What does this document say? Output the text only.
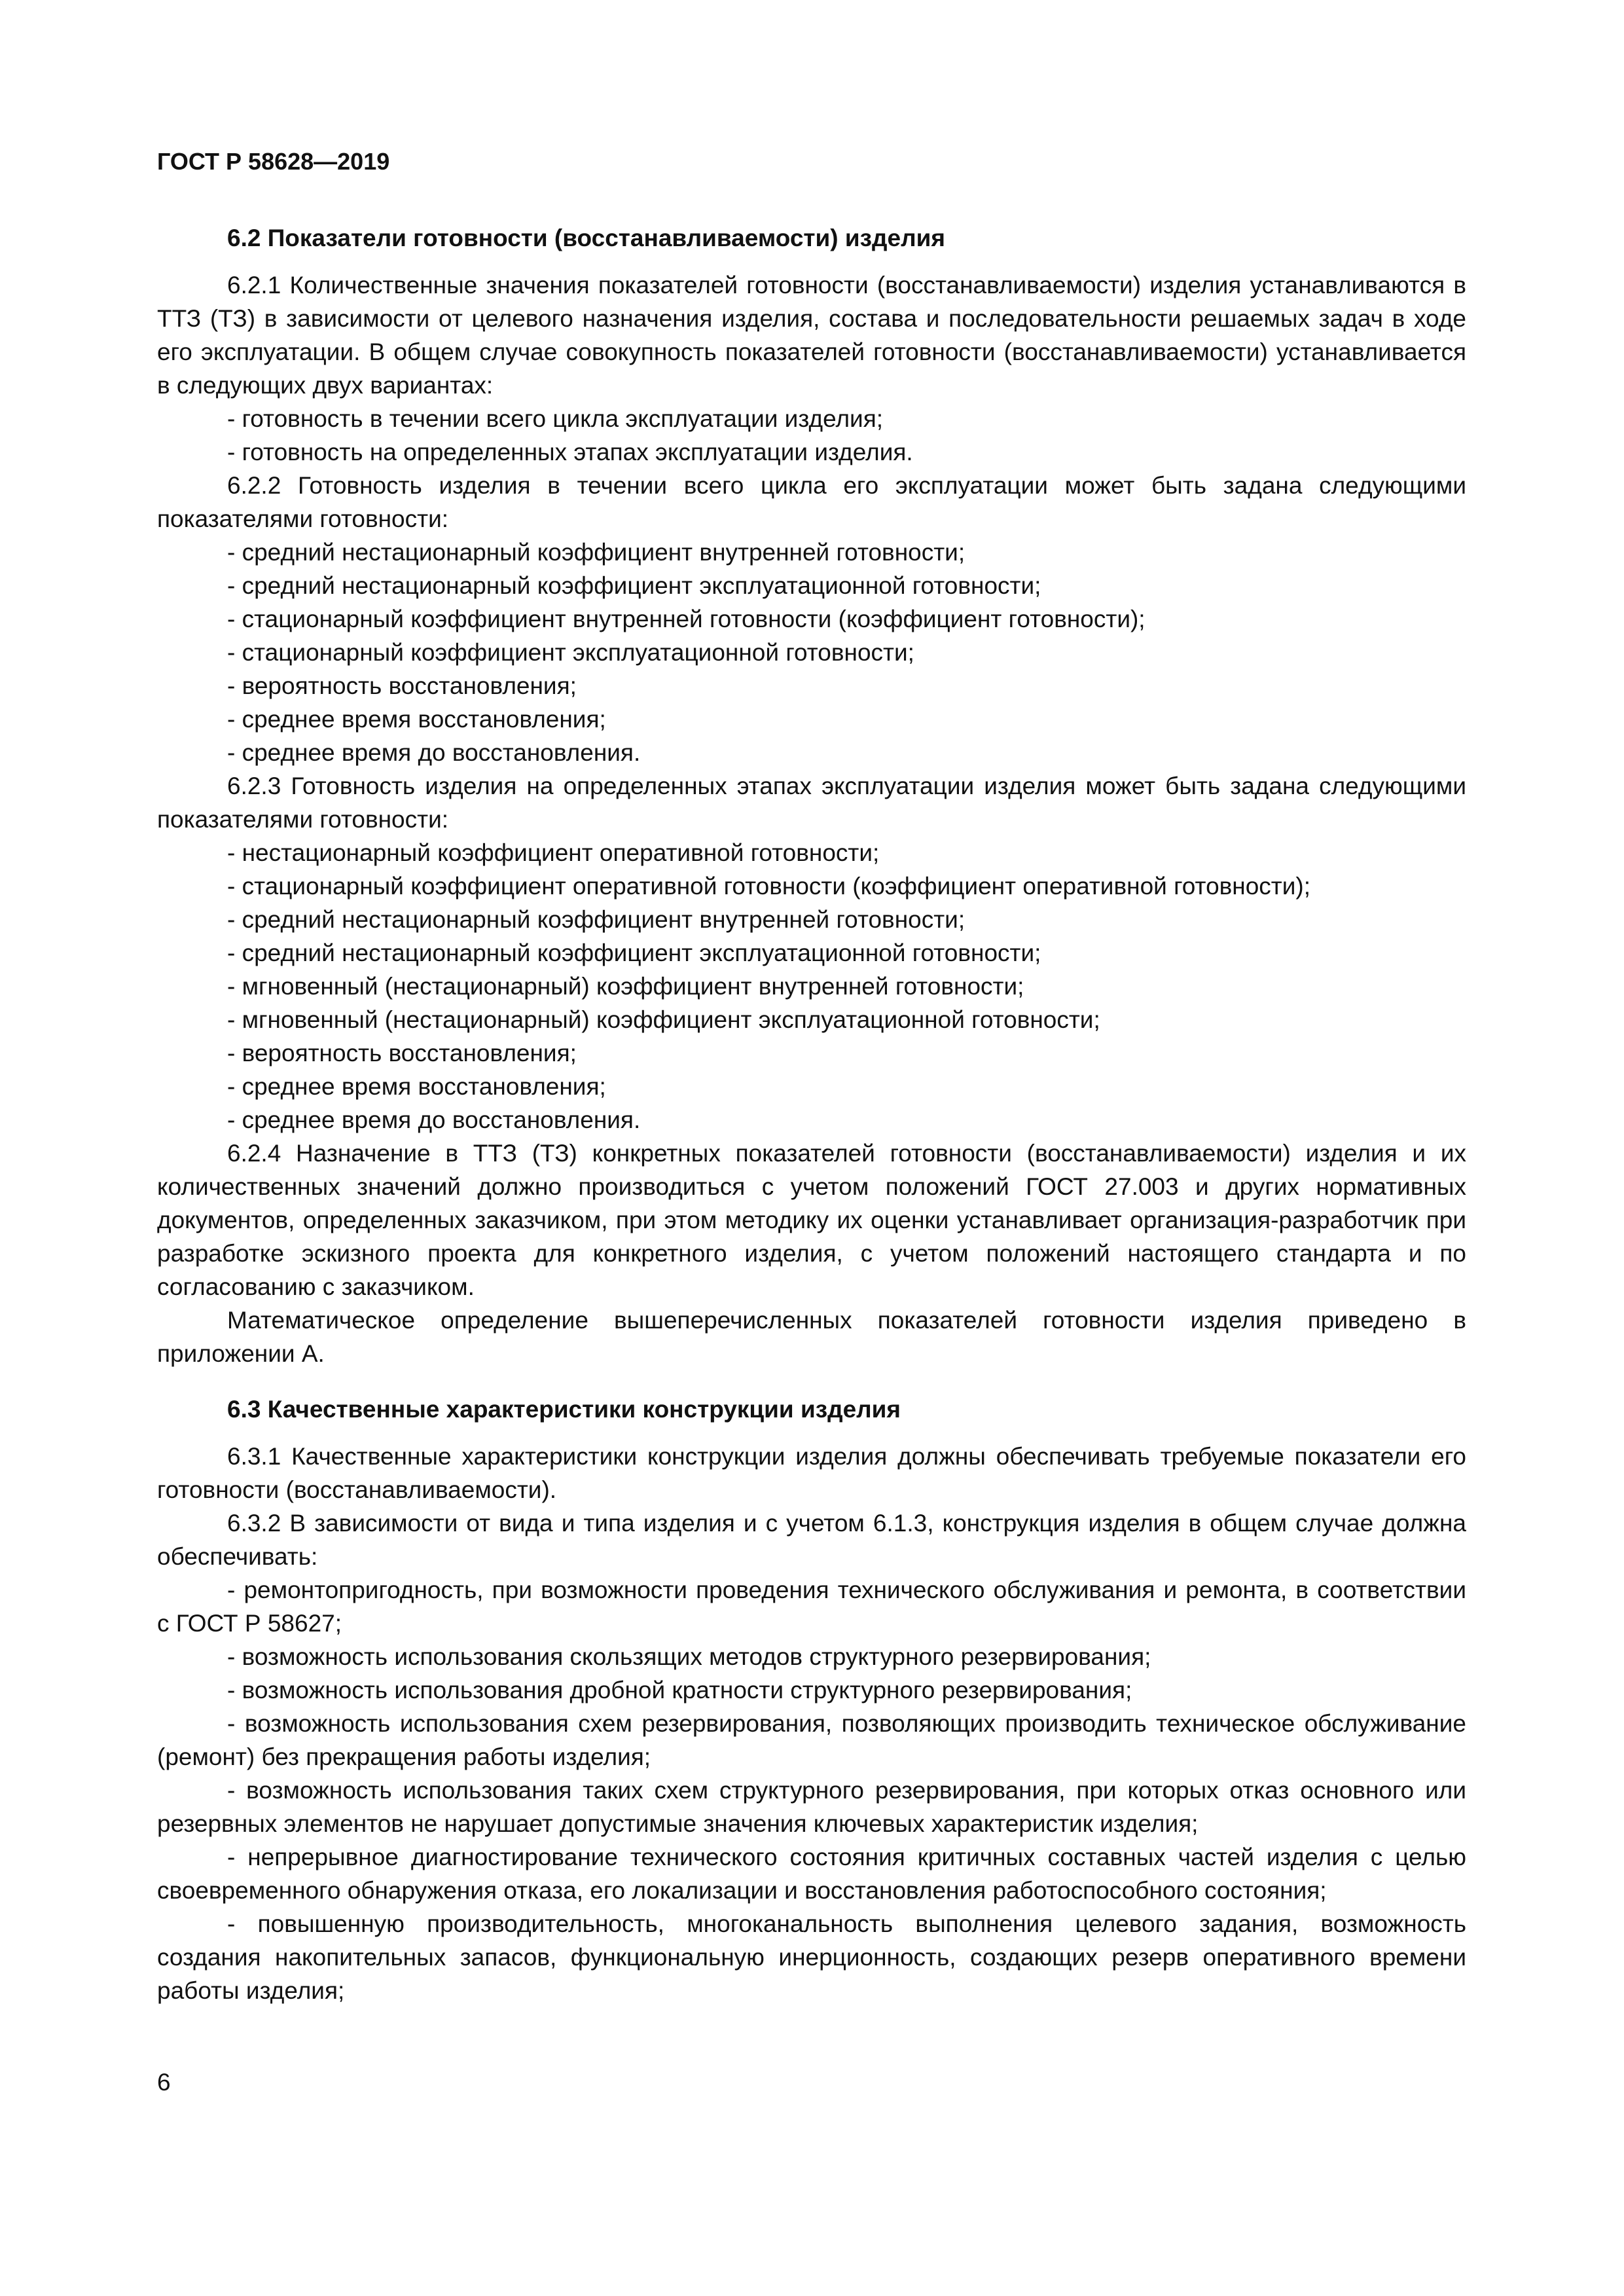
ГОСТ Р 58628—2019

6.2 Показатели готовности (восстанавливаемости) изделия

6.2.1 Количественные значения показателей готовности (восстанавливаемости) изделия устанавливаются в ТТЗ (ТЗ) в зависимости от целевого назначения изделия, состава и последовательности решаемых задач в ходе его эксплуатации. В общем случае совокупность показателей готовности (восстанавливаемости) устанавливается в следующих двух вариантах:

- готовность в течении всего цикла эксплуатации изделия;

- готовность на определенных этапах эксплуатации изделия.

6.2.2 Готовность изделия в течении всего цикла его эксплуатации может быть задана следующими показателями готовности:

- средний нестационарный коэффициент внутренней готовности;

- средний нестационарный коэффициент эксплуатационной готовности;

- стационарный коэффициент внутренней готовности (коэффициент готовности);

- стационарный коэффициент эксплуатационной готовности;

- вероятность восстановления;

- среднее время восстановления;

- среднее время до восстановления.

6.2.3 Готовность изделия на определенных этапах эксплуатации изделия может быть задана следующими показателями готовности:

- нестационарный коэффициент оперативной готовности;

- стационарный коэффициент оперативной готовности (коэффициент оперативной готовности);

- средний нестационарный коэффициент внутренней готовности;

- средний нестационарный коэффициент эксплуатационной готовности;

- мгновенный (нестационарный) коэффициент внутренней готовности;

- мгновенный (нестационарный) коэффициент эксплуатационной готовности;

- вероятность восстановления;

- среднее время восстановления;

- среднее время до восстановления.

6.2.4 Назначение в ТТЗ (ТЗ) конкретных показателей готовности (восстанавливаемости) изделия и их количественных значений должно производиться с учетом положений ГОСТ 27.003 и других нормативных документов, определенных заказчиком, при этом методику их оценки устанавливает организация-разработчик при разработке эскизного проекта для конкретного изделия, с учетом положений настоящего стандарта и по согласованию с заказчиком.

Математическое определение вышеперечисленных показателей готовности изделия приведено в приложении А.

6.3 Качественные характеристики конструкции изделия

6.3.1 Качественные характеристики конструкции изделия должны обеспечивать требуемые показатели его готовности (восстанавливаемости).

6.3.2 В зависимости от вида и типа изделия и с учетом 6.1.3, конструкция изделия в общем случае должна обеспечивать:

- ремонтопригодность, при возможности проведения технического обслуживания и ремонта, в соответствии с ГОСТ Р 58627;

- возможность использования скользящих методов структурного резервирования;

- возможность использования дробной кратности структурного резервирования;

- возможность использования схем резервирования, позволяющих производить техническое обслуживание (ремонт) без прекращения работы изделия;

- возможность использования таких схем структурного резервирования, при которых отказ основного или резервных элементов не нарушает допустимые значения ключевых характеристик изделия;

- непрерывное диагностирование технического состояния критичных составных частей изделия с целью своевременного обнаружения отказа, его локализации и восстановления работоспособного состояния;

- повышенную производительность, многоканальность выполнения целевого задания, возможность создания накопительных запасов, функциональную инерционность, создающих резерв оперативного времени работы изделия;

6
